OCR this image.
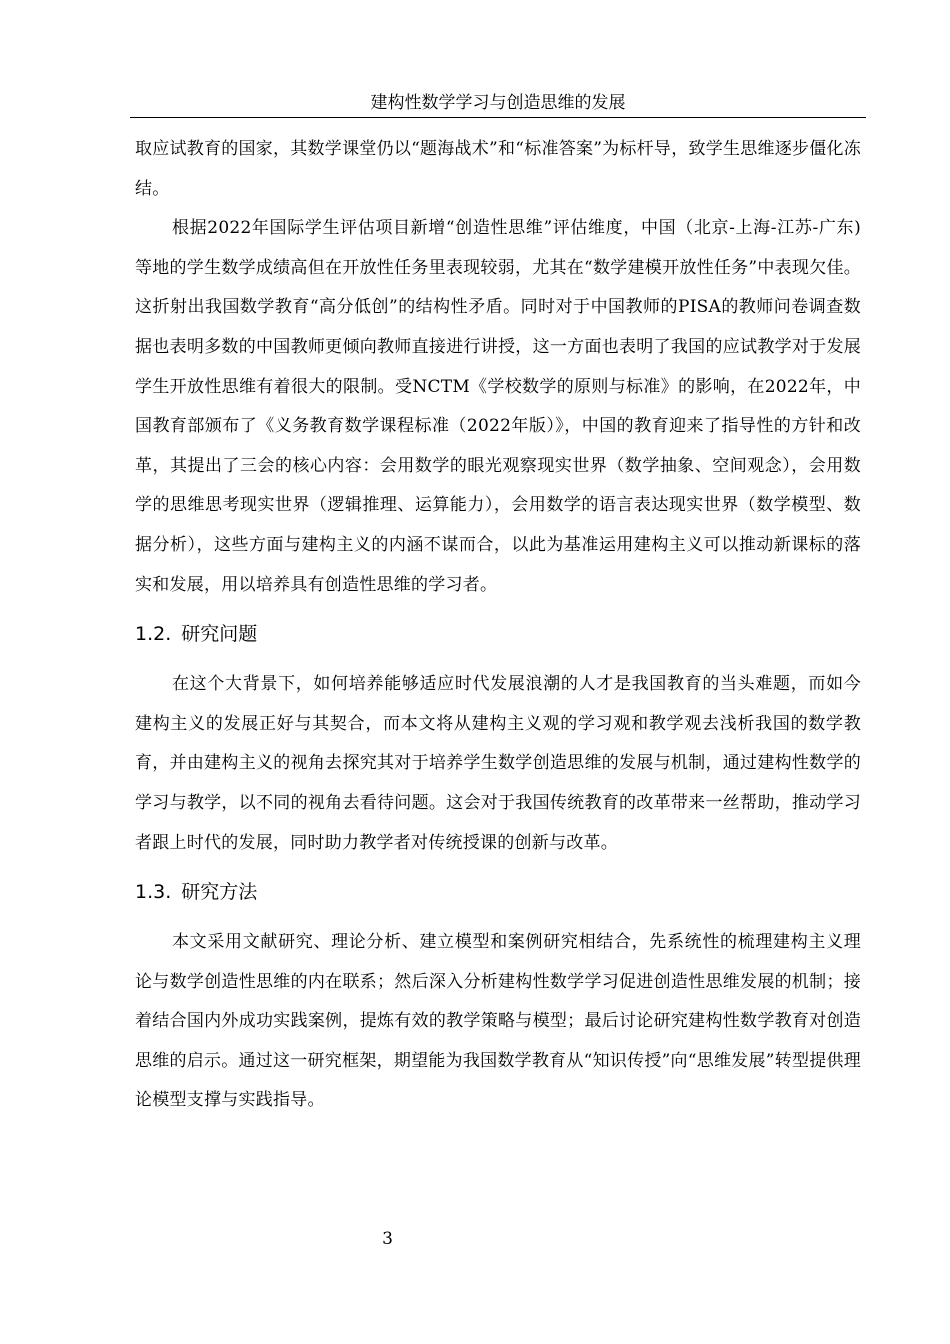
建构性数学学习与创造思维的发展

取应试教育的国家，其数学课堂仍以“题海战术”和“标准答案”为标杆导，致学生思维逐步僵化冻结。

根据2022年国际学生评估项目新增“创造性思维”评估维度，中国（北京-上海-江苏-广东)等地的学生数学成绩高但在开放性任务里表现较弱，尤其在“数学建模开放性任务”中表现欠佳。这折射出我国数学教育“高分低创”的结构性矛盾。同时对于中国教师的PISA的教师问卷调查数据也表明多数的中国教师更倾向教师直接进行讲授，这一方面也表明了我国的应试教学对于发展学生开放性思维有着很大的限制。受NCTM《学校数学的原则与标准》的影响，在2022年，中国教育部颁布了《义务教育数学课程标准（2022年版）》，中国的教育迎来了指导性的方针和改革，其提出了三会的核心内容：会用数学的眼光观察现实世界（数学抽象、空间观念），会用数学的思维思考现实世界（逻辑推理、运算能力），会用数学的语言表达现实世界（数学模型、数据分析），这些方面与建构主义的内涵不谋而合，以此为基准运用建构主义可以推动新课标的落实和发展，用以培养具有创造性思维的学习者。

1.2. 研究问题

在这个大背景下，如何培养能够适应时代发展浪潮的人才是我国教育的当头难题，而如今建构主义的发展正好与其契合，而本文将从建构主义观的学习观和教学观去浅析我国的数学教育，并由建构主义的视角去探究其对于培养学生数学创造思维的发展与机制，通过建构性数学的学习与教学，以不同的视角去看待问题。这会对于我国传统教育的改革带来一丝帮助，推动学习者跟上时代的发展，同时助力教学者对传统授课的创新与改革。

1.3. 研究方法

本文采用文献研究、理论分析、建立模型和案例研究相结合，先系统性的梳理建构主义理论与数学创造性思维的内在联系；然后深入分析建构性数学学习促进创造性思维发展的机制；接着结合国内外成功实践案例，提炼有效的教学策略与模型；最后讨论研究建构性数学教育对创造思维的启示。通过这一研究框架，期望能为我国数学教育从“知识传授”向“思维发展”转型提供理论模型支撑与实践指导。

3
